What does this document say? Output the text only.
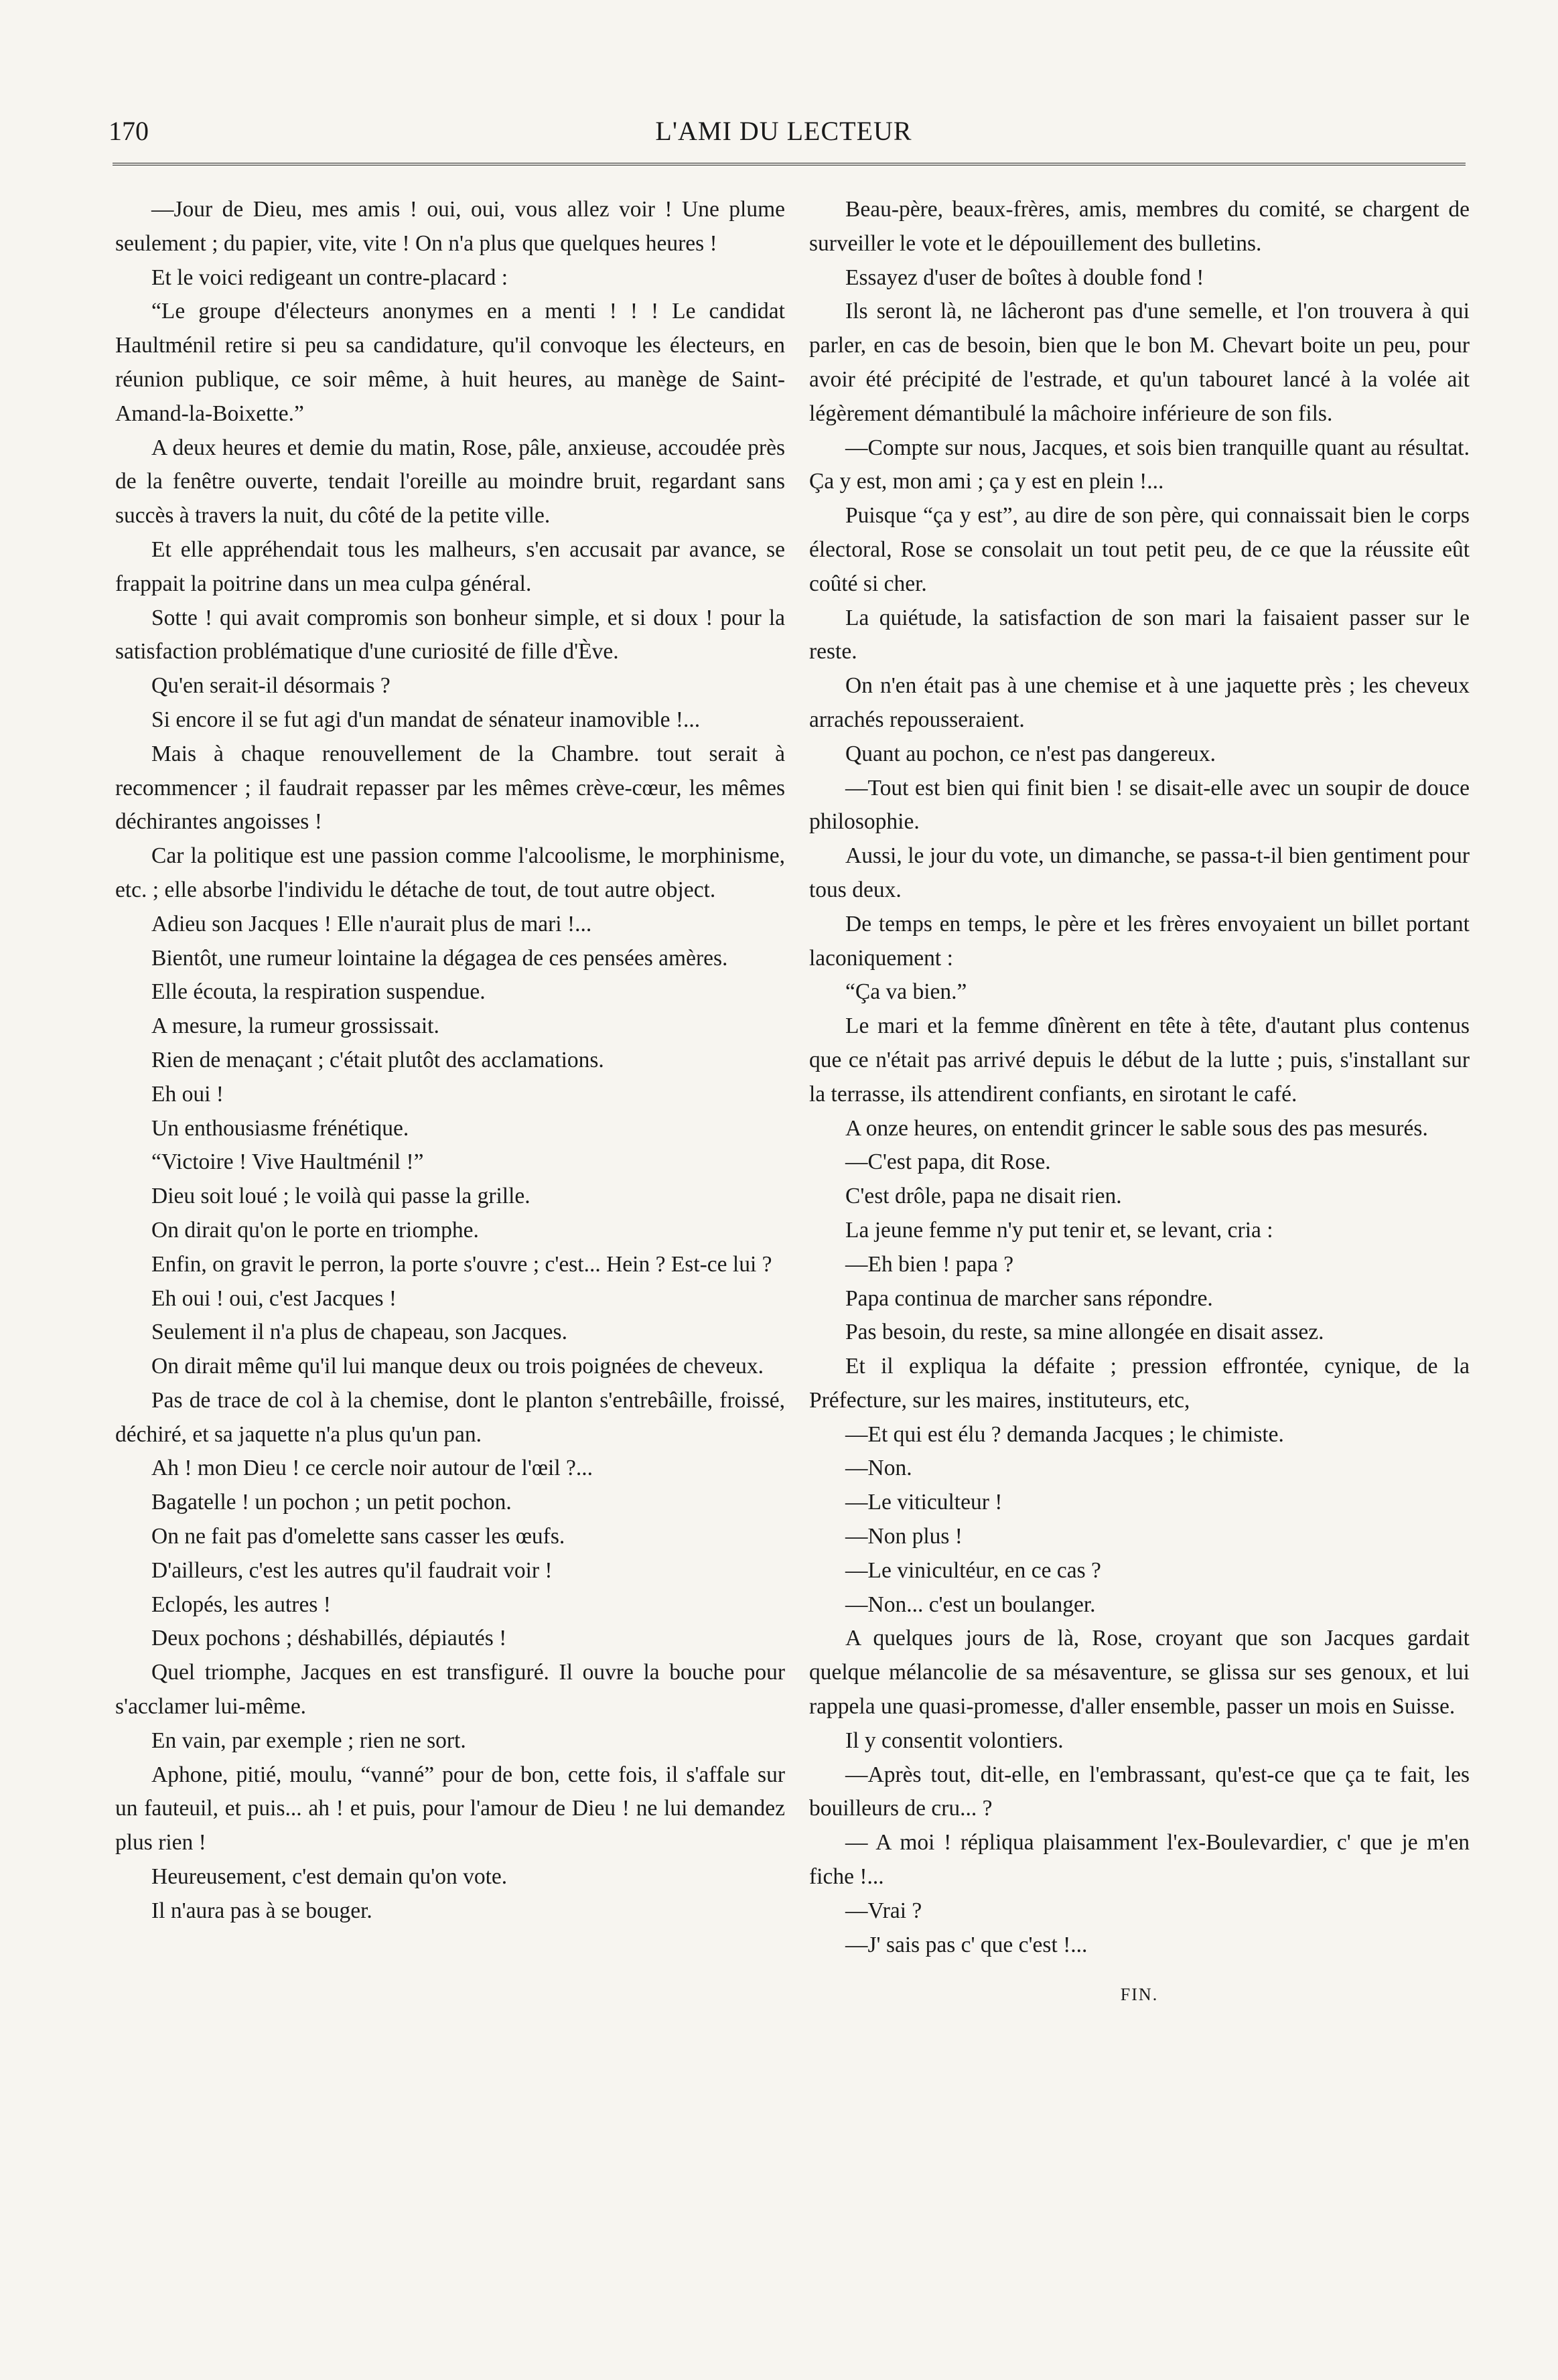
170	L'AMI DU LECTEUR

—Jour de Dieu, mes amis ! oui, oui, vous allez voir ! Une plume seulement ; du papier, vite, vite ! On n'a plus que quelques heures !

Et le voici redigeant un contre-placard :

“Le groupe d'électeurs anonymes en a menti ! ! ! Le candidat Haultménil retire si peu sa candidature, qu'il convoque les électeurs, en réunion publique, ce soir même, à huit heures, au manège de Saint-Amand-la-Boixette.”

A deux heures et demie du matin, Rose, pâle, anxieuse, accoudée près de la fenêtre ouverte, tendait l'oreille au moindre bruit, regardant sans succès à travers la nuit, du côté de la petite ville.

Et elle appréhendait tous les malheurs, s'en accusait par avance, se frappait la poitrine dans un mea culpa général.

Sotte ! qui avait compromis son bonheur simple, et si doux ! pour la satisfaction problématique d'une curiosité de fille d'Ève.

Qu'en serait-il désormais ?

Si encore il se fut agi d'un mandat de sénateur inamovible !...

Mais à chaque renouvellement de la Chambre. tout serait à recommencer ; il faudrait repasser par les mêmes crève-cœur, les mêmes déchirantes angoisses !

Car la politique est une passion comme l'alcoolisme, le morphinisme, etc. ; elle absorbe l'individu le détache de tout, de tout autre object.

Adieu son Jacques ! Elle n'aurait plus de mari !...

Bientôt, une rumeur lointaine la dégagea de ces pensées amères.

Elle écouta, la respiration suspendue.

A mesure, la rumeur grossissait.

Rien de menaçant ; c'était plutôt des acclamations.

Eh oui !

Un enthousiasme frénétique.

“Victoire ! Vive Haultménil !”

Dieu soit loué ; le voilà qui passe la grille.

On dirait qu'on le porte en triomphe.

Enfin, on gravit le perron, la porte s'ouvre ; c'est... Hein ? Est-ce lui ?

Eh oui ! oui, c'est Jacques !

Seulement il n'a plus de chapeau, son Jacques.

On dirait même qu'il lui manque deux ou trois poignées de cheveux.

Pas de trace de col à la chemise, dont le planton s'entrebâille, froissé, déchiré, et sa jaquette n'a plus qu'un pan.

Ah ! mon Dieu ! ce cercle noir autour de l'œil ?...

Bagatelle ! un pochon ; un petit pochon.

On ne fait pas d'omelette sans casser les œufs.

D'ailleurs, c'est les autres qu'il faudrait voir !

Eclopés, les autres !

Deux pochons ; déshabillés, dépiautés !

Quel triomphe, Jacques en est transfiguré. Il ouvre la bouche pour s'acclamer lui-même.

En vain, par exemple ; rien ne sort.

Aphone, pitié, moulu, “vanné” pour de bon, cette fois, il s'affale sur un fauteuil, et puis... ah ! et puis, pour l'amour de Dieu ! ne lui demandez plus rien !

Heureusement, c'est demain qu'on vote.

Il n'aura pas à se bouger.

Beau-père, beaux-frères, amis, membres du comité, se chargent de surveiller le vote et le dépouillement des bulletins.

Essayez d'user de boîtes à double fond !

Ils seront là, ne lâcheront pas d'une semelle, et l'on trouvera à qui parler, en cas de besoin, bien que le bon M. Chevart boite un peu, pour avoir été précipité de l'estrade, et qu'un tabouret lancé à la volée ait légèrement démantibulé la mâchoire inférieure de son fils.

—Compte sur nous, Jacques, et sois bien tranquille quant au résultat. Ça y est, mon ami ; ça y est en plein !...

Puisque “ça y est”, au dire de son père, qui connaissait bien le corps électoral, Rose se consolait un tout petit peu, de ce que la réussite eût coûté si cher.

La quiétude, la satisfaction de son mari la faisaient passer sur le reste.

On n'en était pas à une chemise et à une jaquette près ; les cheveux arrachés repousseraient.

Quant au pochon, ce n'est pas dangereux.

—Tout est bien qui finit bien ! se disait-elle avec un soupir de douce philosophie.

Aussi, le jour du vote, un dimanche, se passa-t-il bien gentiment pour tous deux.

De temps en temps, le père et les frères envoyaient un billet portant laconiquement :

“Ça va bien.”

Le mari et la femme dînèrent en tête à tête, d'autant plus contenus que ce n'était pas arrivé depuis le début de la lutte ; puis, s'installant sur la terrasse, ils attendirent confiants, en sirotant le café.

A onze heures, on entendit grincer le sable sous des pas mesurés.

—C'est papa, dit Rose.

C'est drôle, papa ne disait rien.

La jeune femme n'y put tenir et, se levant, cria :

—Eh bien ! papa ?

Papa continua de marcher sans répondre.

Pas besoin, du reste, sa mine allongée en disait assez.

Et il expliqua la défaite ; pression effrontée, cynique, de la Préfecture, sur les maires, instituteurs, etc,

—Et qui est élu ? demanda Jacques ; le chimiste.

—Non.

—Le viticulteur !

—Non plus !

—Le vinicultéur, en ce cas ?

—Non... c'est un boulanger.

A quelques jours de là, Rose, croyant que son Jacques gardait quelque mélancolie de sa mésaventure, se glissa sur ses genoux, et lui rappela une quasi-promesse, d'aller ensemble, passer un mois en Suisse.

Il y consentit volontiers.

—Après tout, dit-elle, en l'embrassant, qu'est-ce que ça te fait, les bouilleurs de cru... ?

— A moi ! répliqua plaisamment l'ex-Boulevardier, c' que je m'en fiche !...

—Vrai ?

—J' sais pas c' que c'est !...

FIN.
